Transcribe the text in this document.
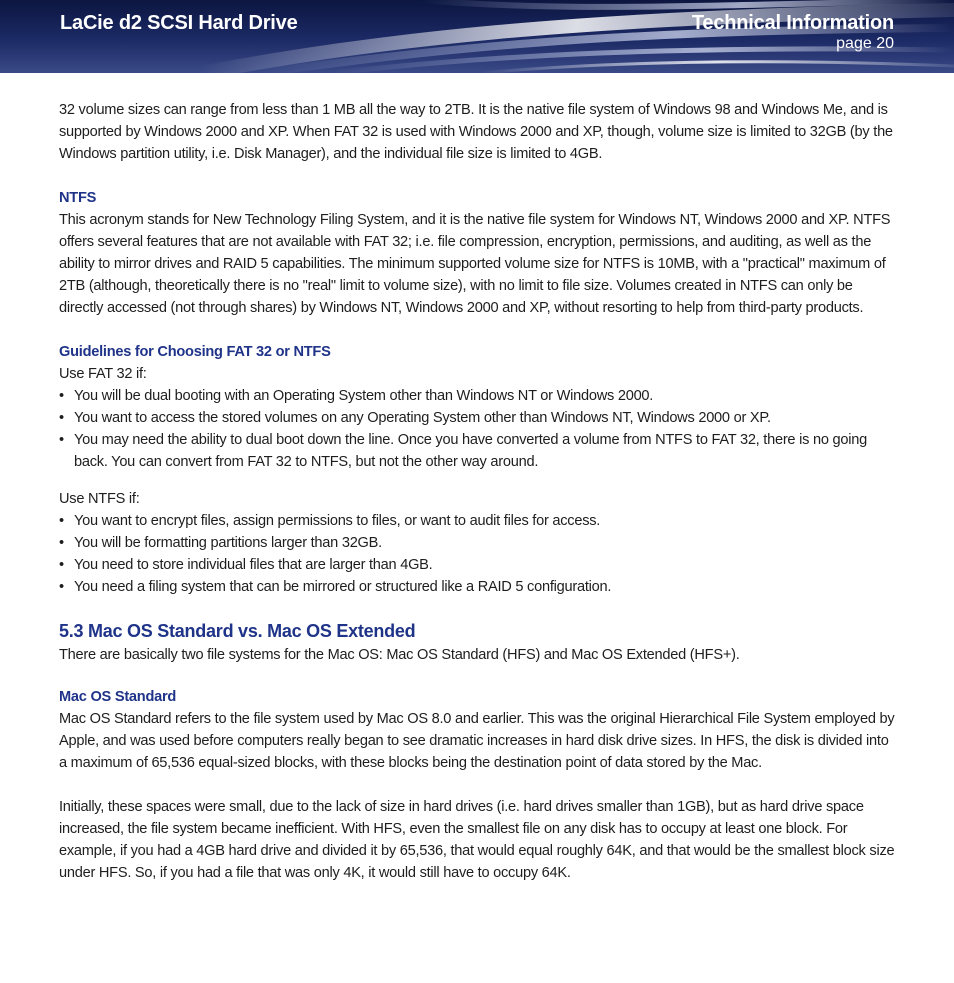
LaCie d2 SCSI Hard Drive	Technical Information
page 20

32 volume sizes can range from less than 1 MB all the way to 2TB. It is the native file system of Windows 98 and Windows Me, and is supported by Windows 2000 and XP. When FAT 32 is used with Windows 2000 and XP, though, volume size is limited to 32GB (by the Windows partition utility, i.e. Disk Manager), and the individual file size is limited to 4GB.

NTFS

This acronym stands for New Technology Filing System, and it is the native file system for Windows NT, Windows 2000 and XP. NTFS offers several features that are not available with FAT 32; i.e. file compression, encryption, permissions, and auditing, as well as the ability to mirror drives and RAID 5 capabilities. The minimum supported volume size for NTFS is 10MB, with a "practical" maximum of 2TB (although, theoretically there is no "real" limit to volume size), with no limit to file size. Volumes created in NTFS can only be directly accessed (not through shares) by Windows NT, Windows 2000 and XP, without resorting to help from third-party products.

Guidelines for Choosing FAT 32 or NTFS

Use FAT 32 if:

• You will be dual booting with an Operating System other than Windows NT or Windows 2000.
• You want to access the stored volumes on any Operating System other than Windows NT, Windows 2000 or XP.
• You may need the ability to dual boot down the line. Once you have converted a volume from NTFS to FAT 32, there is no going back. You can convert from FAT 32 to NTFS, but not the other way around.

Use NTFS if:

• You want to encrypt files, assign permissions to files, or want to audit files for access.
• You will be formatting partitions larger than 32GB.
• You need to store individual files that are larger than 4GB.
• You need a filing system that can be mirrored or structured like a RAID 5 configuration.
5.3 Mac OS Standard vs. Mac OS Extended

There are basically two file systems for the Mac OS: Mac OS Standard (HFS) and Mac OS Extended (HFS+).

Mac OS Standard

Mac OS Standard refers to the file system used by Mac OS 8.0 and earlier. This was the original Hierarchical File System employed by Apple, and was used before computers really began to see dramatic increases in hard disk drive sizes. In HFS, the disk is divided into a maximum of 65,536 equal-sized blocks, with these blocks being the destination point of data stored by the Mac.

Initially, these spaces were small, due to the lack of size in hard drives (i.e. hard drives smaller than 1GB), but as hard drive space increased, the file system became inefficient. With HFS, even the smallest file on any disk has to occupy at least one block. For example, if you had a 4GB hard drive and divided it by 65,536, that would equal roughly 64K, and that would be the smallest block size under HFS. So, if you had a file that was only 4K, it would still have to occupy 64K.
